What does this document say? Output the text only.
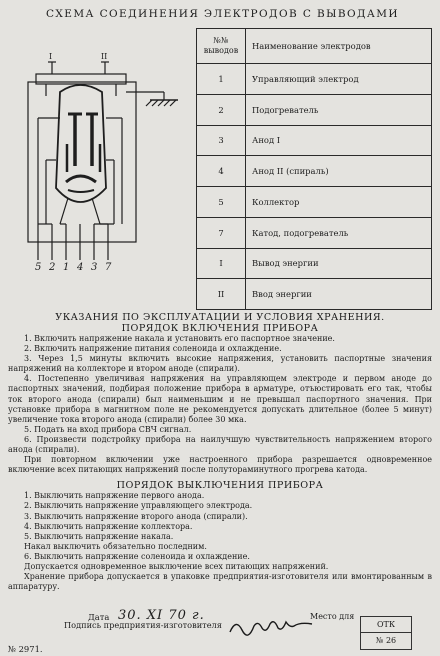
СХЕМА СОЕДИНЕНИЯ ЭЛЕКТРОДОВ С ВЫВОДАМИ
I	II
5 2 1 4 3 7
№№ выводов	Наименование электродов
1	Управляющий электрод
2	Подогреватель
3	Анод I
4	Анод II (спираль)
5	Коллектор
7	Катод, подогреватель
I	Вывод энергии
II	Ввод энергии
УКАЗАНИЯ ПО ЭКСПЛУАТАЦИИ И УСЛОВИЯ ХРАНЕНИЯ.
ПОРЯДОК ВКЛЮЧЕНИЯ ПРИБОРА

1. Включить напряжение накала и установить его паспортное значение.

2. Включить напряжение питания соленоида и охлаждение.

3. Через 1,5 минуты включить высокие напряжения, установить паспортные значения напряжений на коллекторе и втором аноде (спирали).

4. Постепенно увеличивая напряжения на управляющем электроде и первом аноде до паспортных значений, подбирая положение прибора в арматуре, отъюстировать его так, чтобы ток второго анода (спирали) был наименьшим и не превышал паспортного значения. При установке прибора в магнитном поле не рекомендуется допускать длительное (более 5 минут) увеличение тока второго анода (спирали) более 30 мка.

5. Подать на вход прибора СВЧ сигнал.

6. Произвести подстройку прибора на наилучшую чувствительность напряжением второго анода (спирали).

При повторном включении уже настроенного прибора разрешается одновременное включение всех питающих напряжений после полуторaминутного прогрева катода.

ПОРЯДОК ВЫКЛЮЧЕНИЯ ПРИБОРА

1. Выключить напряжение первого анода.

2. Выключить напряжение управляющего электрода.

3. Выключить напряжение второго анода (спирали).

4. Выключить напряжение коллектора.

5. Выключить напряжение накала.

Накал выключить обязательно последним.

6. Выключить напряжение соленоида и охлаждение.

Допускается одновременное выключение всех питающих напряжений.

Хранение прибора допускается в упаковке предприятия-изготовителя или вмонтированным в аппаратуру.

Дата 30. XI 70 г.	Место для
Подпись предприятия-изготовителя	ОТК
№ 26
№ 2971.
